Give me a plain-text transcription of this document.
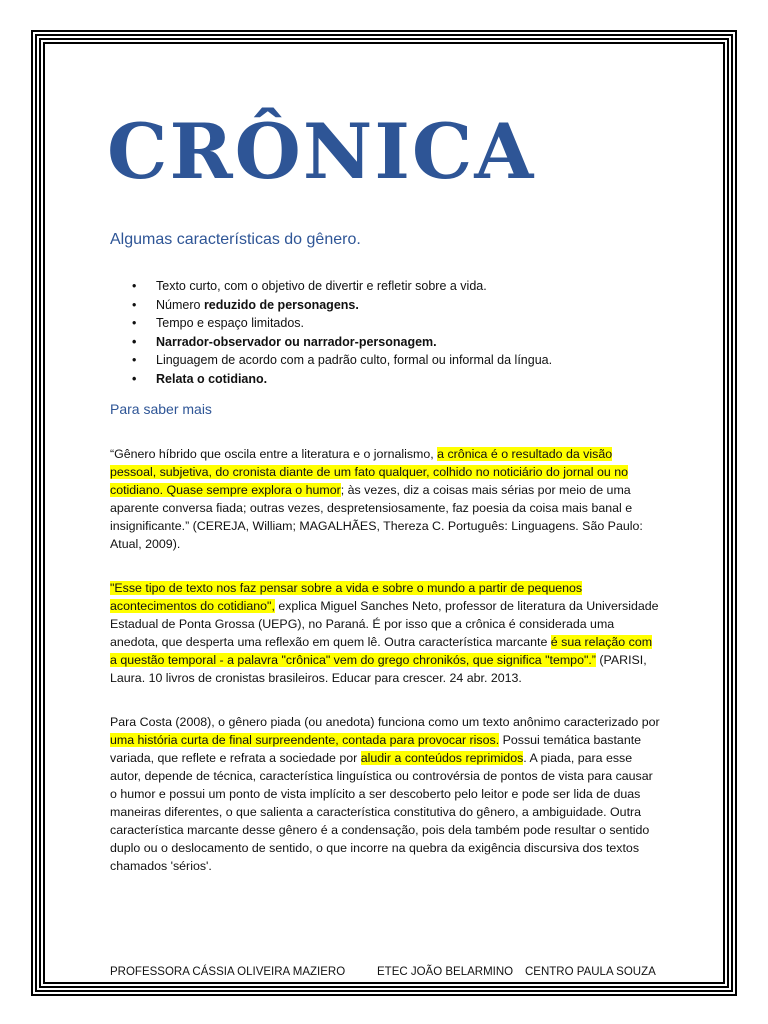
CRÔNICA
Algumas características do gênero.
• Texto curto, com o objetivo de divertir e refletir sobre a vida.
• Número reduzido de personagens.
• Tempo e espaço limitados.
• Narrador-observador ou narrador-personagem.
• Linguagem de acordo com a padrão culto, formal ou informal da língua.
• Relata o cotidiano.
Para saber mais

“Gênero híbrido que oscila entre a literatura e o jornalismo, a crônica é o resultado da visão pessoal, subjetiva, do cronista diante de um fato qualquer, colhido no noticiário do jornal ou no cotidiano. Quase sempre explora o humor; às vezes, diz a coisas mais sérias por meio de uma aparente conversa fiada; outras vezes, despretensiosamente, faz poesia da coisa mais banal e insignificante.” (CEREJA, William; MAGALHÃES, Thereza C. Português: Linguagens. São Paulo: Atual, 2009).

"Esse tipo de texto nos faz pensar sobre a vida e sobre o mundo a partir de pequenos acontecimentos do cotidiano", explica Miguel Sanches Neto, professor de literatura da Universidade Estadual de Ponta Grossa (UEPG), no Paraná. É por isso que a crônica é considerada uma anedota, que desperta uma reflexão em quem lê. Outra característica marcante é sua relação com a questão temporal - a palavra "crônica" vem do grego chronikós, que significa "tempo".” (PARISI, Laura. 10 livros de cronistas brasileiros. Educar para crescer. 24 abr. 2013.

Para Costa (2008), o gênero piada (ou anedota) funciona como um texto anônimo caracterizado por uma história curta de final surpreendente, contada para provocar risos. Possui temática bastante variada, que reflete e refrata a sociedade por aludir a conteúdos reprimidos. A piada, para esse autor, depende de técnica, característica linguística ou controvérsia de pontos de vista para causar o humor e possui um ponto de vista implícito a ser descoberto pelo leitor e pode ser lida de duas maneiras diferentes, o que salienta a característica constitutiva do gênero, a ambiguidade. Outra característica marcante desse gênero é a condensação, pois dela também pode resultar o sentido duplo ou o deslocamento de sentido, o que incorre na quebra da exigência discursiva dos textos chamados 'sérios'.

PROFESSORA CÁSSIA OLIVEIRA MAZIERO	ETEC JOÃO BELARMINO CENTRO PAULA SOUZA
